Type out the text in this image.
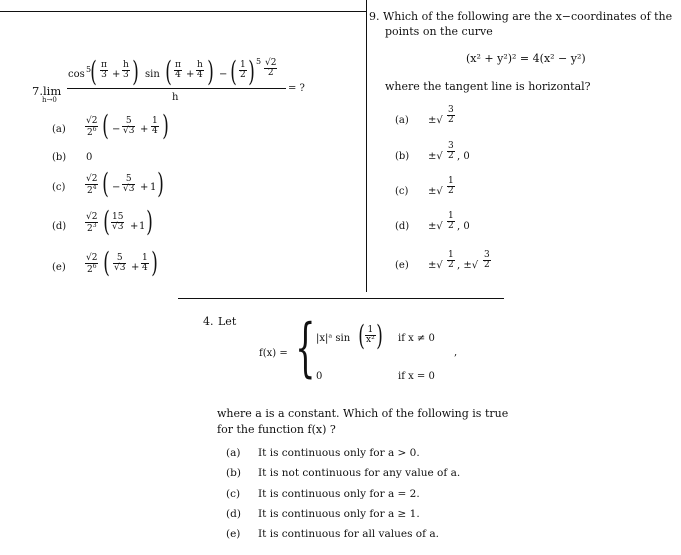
7. lim
h→0
cos 5 ( $\frac{\pi}{3} + \frac{h}{3}$ ) sin ( $\frac{\pi}{4} + \frac{h}{4}$ ) − ( $\frac{1}{2}$ ) $5 \frac{√2}{2}$
h
= ?
$(a) \frac{√2}{2^6}$ ( − $\frac{5}{√3} + \frac{1}{4}$ )
(b) 0
$(c) \frac{√2}{2^4}$ ( − $\frac{5}{√3} + 1$ )
$(d) \frac{√2}{2^3}$ ( $\frac{15}{√3} + 1$ )
$(e) \frac{√2}{2^6}$ ( $\frac{5}{√3} + \frac{1}{4}$ )
9. Which of the following are the x−coordinates of the
points on the curve
(x² + y²)² = 4(x² − y²)
where the tangent line is horizontal?
(a) ±√ $\frac{3}{2}$
(b) ±√ $\frac{3}{2}$ , 0
(c) ±√ $\frac{1}{2}$
(d) ±√ $\frac{1}{2}$ , 0
(e) ±√ $\frac{1}{2}$ , ±√ $\frac{3}{2}$
4. Let
f(x) = { |x|ᵃ sin ( $\frac{1}{\text{x²}}$ ) if x ≠ 0
,
0	if x = 0
where a is a constant. Which of the following is true
for the function f(x) ?
(a) It is continuous only for a > 0.
(b) It is not continuous for any value of a.
(c) It is continuous only for a = 2.
(d) It is continuous only for a ≥ 1.
(e) It is continuous for all values of a.
